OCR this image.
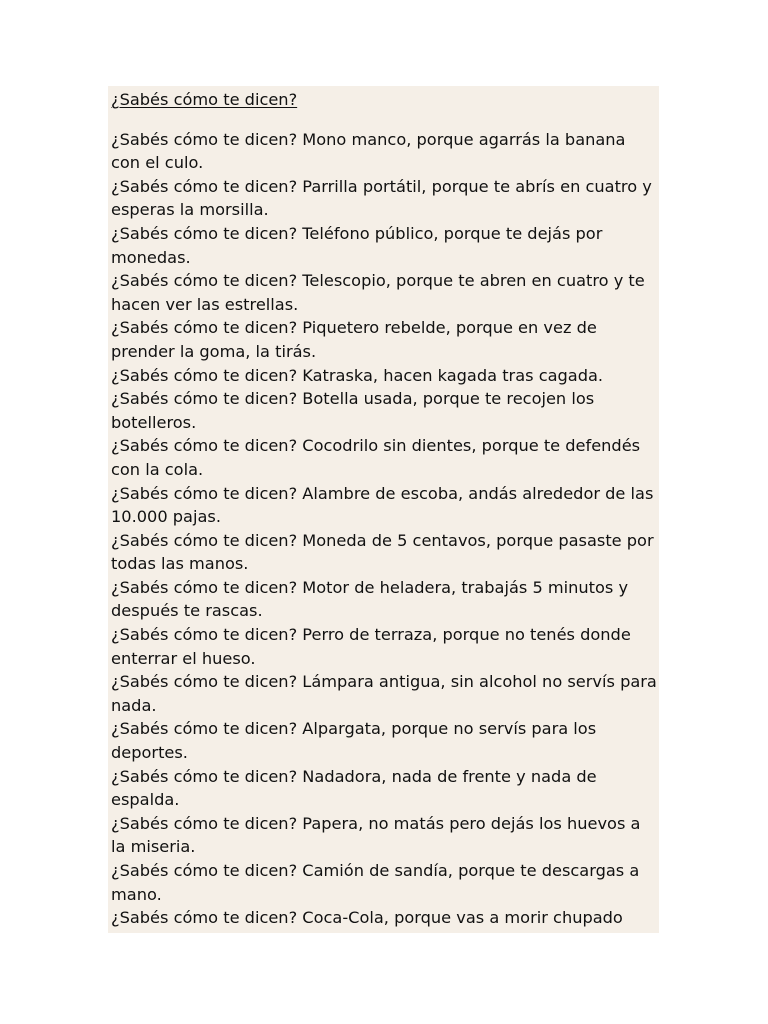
¿Sabés cómo te dicen?

¿Sabés cómo te dicen? Mono manco, porque agarrás la banana con el culo.

¿Sabés cómo te dicen? Parrilla portátil, porque te abrís en cuatro y esperas la morsilla.

¿Sabés cómo te dicen? Teléfono público, porque te dejás por monedas.

¿Sabés cómo te dicen? Telescopio, porque te abren en cuatro y te hacen ver las estrellas.

¿Sabés cómo te dicen? Piquetero rebelde, porque en vez de prender la goma, la tirás.

¿Sabés cómo te dicen? Katraska, hacen kagada tras cagada.

¿Sabés cómo te dicen? Botella usada, porque te recojen los botelleros.

¿Sabés cómo te dicen? Cocodrilo sin dientes, porque te defendés con la cola.

¿Sabés cómo te dicen? Alambre de escoba, andás alrededor de las 10.000 pajas.

¿Sabés cómo te dicen? Moneda de 5 centavos, porque pasaste por todas las manos.

¿Sabés cómo te dicen? Motor de heladera, trabajás 5 minutos y después te rascas.

¿Sabés cómo te dicen? Perro de terraza, porque no tenés donde enterrar el hueso.

¿Sabés cómo te dicen? Lámpara antigua, sin alcohol no servís para nada.

¿Sabés cómo te dicen? Alpargata, porque no servís para los deportes.

¿Sabés cómo te dicen? Nadadora, nada de frente y nada de espalda.

¿Sabés cómo te dicen? Papera, no matás pero dejás los huevos a la miseria.

¿Sabés cómo te dicen? Camión de sandía, porque te descargas a mano.

¿Sabés cómo te dicen? Coca-Cola, porque vas a morir chupado
